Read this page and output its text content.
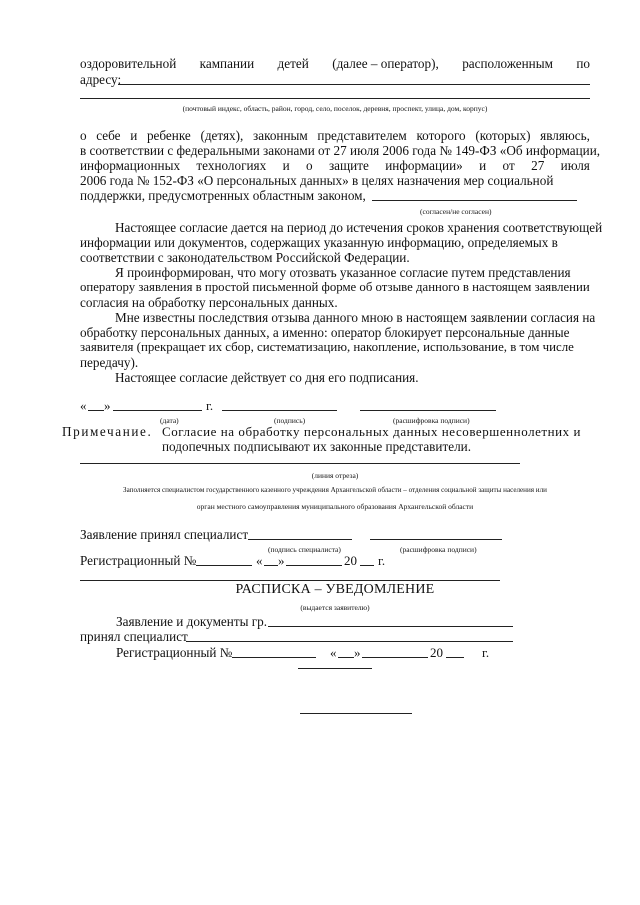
оздоровительной кампании детей (далее – оператор), расположенным по
адресу:
(почтовый индекс, область, район, город, село, поселок, деревня, проспект, улица, дом, корпус)
о себе и ребенке (детях), законным представителем которого (которых) являюсь,
в соответствии с федеральными законами от 27 июля 2006 года № 149-ФЗ «Об информации,
информационных технологиях и о защите информации» и от 27 июля
2006 года № 152-ФЗ «О персональных данных» в целях назначения мер социальной
поддержки, предусмотренных областным законом,
(согласен/не согласен)
Настоящее согласие дается на период до истечения сроков хранения соответствующей
информации или документов, содержащих указанную информацию, определяемых в
соответствии с законодательством Российской Федерации.
Я проинформирован, что могу отозвать указанное согласие путем представления
оператору заявления в простой письменной форме об отзыве данного в настоящем заявлении
согласия на обработку персональных данных.
Мне известны последствия отзыва данного мною в настоящем заявлении согласия на
обработку персональных данных, а именно: оператор блокирует персональные данные
заявителя (прекращает их сбор, систематизацию, накопление, использование, в том числе
передачу).
Настоящее согласие действует со дня его подписания.
« »	г.
(дата)	(подпись)	(расшифровка подписи)
Примечание. Согласие на обработку персональных данных несовершеннолетних и
подопечных подписывают их законные представители.
(линия отреза)
Заполняется специалистом государственного казенного учреждения Архангельской области – отделения социальной защиты населения или
орган местного самоуправления муниципального образования Архангельской области
Заявление принял специалист
(подпись специалиста)	(расшифровка подписи)
Регистрационный №	« »	20 г.
РАСПИСКА – УВЕДОМЛЕНИЕ
(выдается заявителю)
Заявление и документы гр.
принял специалист
Регистрационный №	« »	20	г.
